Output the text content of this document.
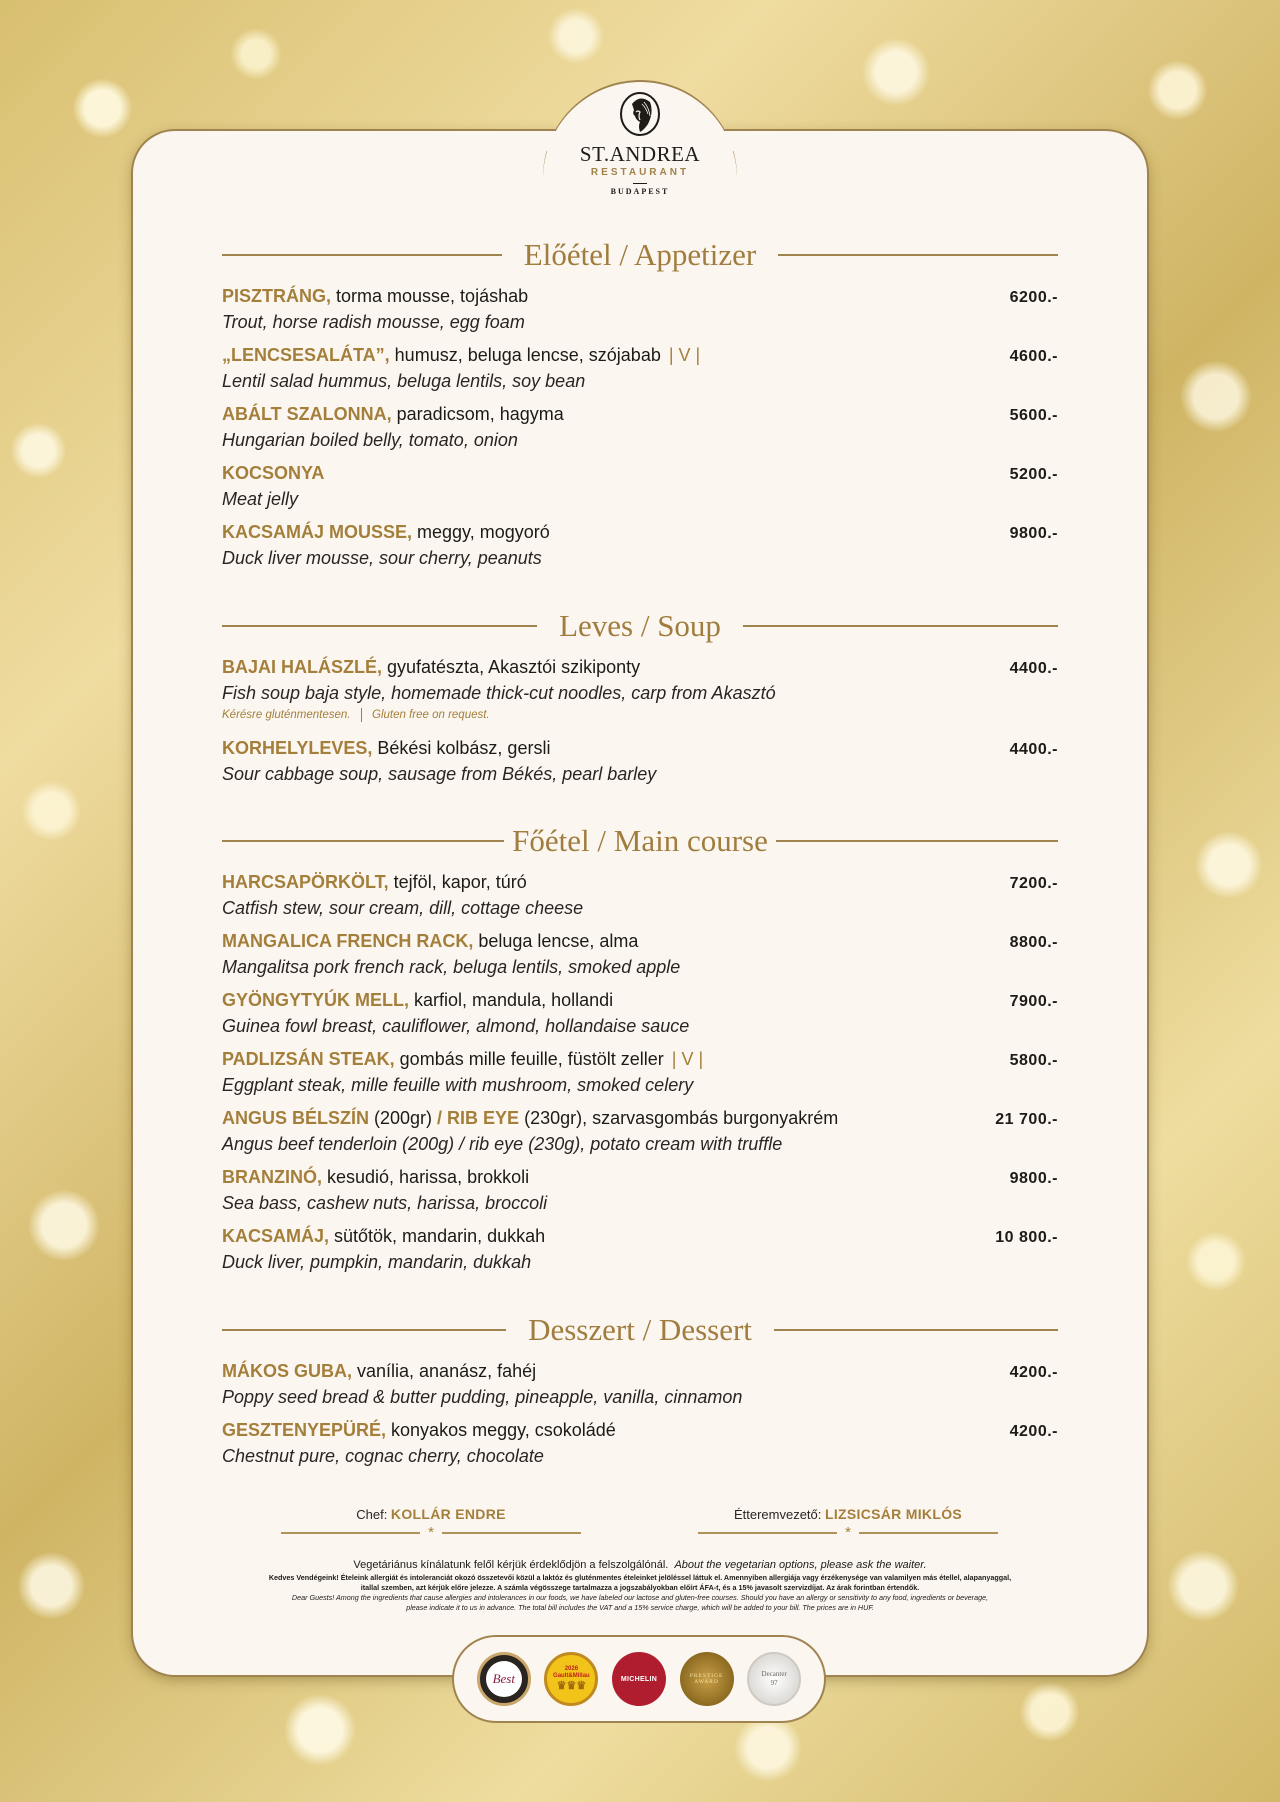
ST.ANDREA
RESTAURANT
BUDAPEST
Előétel / Appetizer
PISZTRÁNG, torma mousse, tojáshab	6200.-
Trout, horse radish mousse, egg foam
„LENCSESALÁTA”, humusz, beluga lencse, szójabab | V |	4600.-
Lentil salad hummus, beluga lentils, soy bean
ABÁLT SZALONNA, paradicsom, hagyma	5600.-
Hungarian boiled belly, tomato, onion
KOCSONYA	5200.-
Meat jelly
KACSAMÁJ MOUSSE, meggy, mogyoró	9800.-
Duck liver mousse, sour cherry, peanuts
Leves / Soup
BAJAI HALÁSZLÉ, gyufatészta, Akasztói szikiponty	4400.-
Fish soup baja style, homemade thick-cut noodles, carp from Akasztó
Kérésre gluténmentesen. Gluten free on request.
KORHELYLEVES, Békési kolbász, gersli	4400.-
Sour cabbage soup, sausage from Békés, pearl barley
Főétel / Main course
HARCSAPÖRKÖLT, tejföl, kapor, túró	7200.-
Catfish stew, sour cream, dill, cottage cheese
MANGALICA FRENCH RACK, beluga lencse, alma	8800.-
Mangalitsa pork french rack, beluga lentils, smoked apple
GYÖNGYTYÚK MELL, karfiol, mandula, hollandi	7900.-
Guinea fowl breast, cauliflower, almond, hollandaise sauce
PADLIZSÁN STEAK, gombás mille feuille, füstölt zeller | V |	5800.-
Eggplant steak, mille feuille with mushroom, smoked celery
ANGUS BÉLSZÍN (200gr) / RIB EYE (230gr), szarvasgombás burgonyakrém	21 700.-
Angus beef tenderloin (200g) / rib eye (230g), potato cream with truffle
BRANZINÓ, kesudió, harissa, brokkoli	9800.-
Sea bass, cashew nuts, harissa, broccoli
KACSAMÁJ, sütőtök, mandarin, dukkah	10 800.-
Duck liver, pumpkin, mandarin, dukkah
Desszert / Dessert
MÁKOS GUBA, vanília, ananász, fahéj	4200.-
Poppy seed bread & butter pudding, pineapple, vanilla, cinnamon
GESZTENYEPÜRÉ, konyakos meggy, csokoládé	4200.-
Chestnut pure, cognac cherry, chocolate
Chef: KOLLÁR ENDRE
*
Étteremvezető: LIZSICSÁR MIKLÓS
*
Vegetáriánus kínálatunk felől kérjük érdeklődjön a felszolgálónál. About the vegetarian options, please ask the waiter.
Kedves Vendégeink! Ételeink allergiát és intoleranciát okozó összetevői közül a laktóz és gluténmentes ételeinket jelöléssel láttuk el. Amennyiben allergiája vagy érzékenysége van valamilyen más étellel, alapanyaggal,
itallal szemben, azt kérjük előre jelezze. A számla végösszege tartalmazza a jogszabályokban előírt ÁFA-t, és a 15% javasolt szervizdíjat. Az árak forintban értendők.
Dear Guests! Among the ingredients that cause allergies and intolerances in our foods, we have labeled our lactose and gluten-free courses. Should you have an allergy or sensitivity to any food, ingredients or beverage,
please indicate it to us in advance. The total bill includes the VAT and a 15% service charge, which will be added to your bill. The prices are in HUF.
Best
2026 Gault&Millau
♛♛♛
MICHELIN	PRESTIGE AWARD
Decanter
97
